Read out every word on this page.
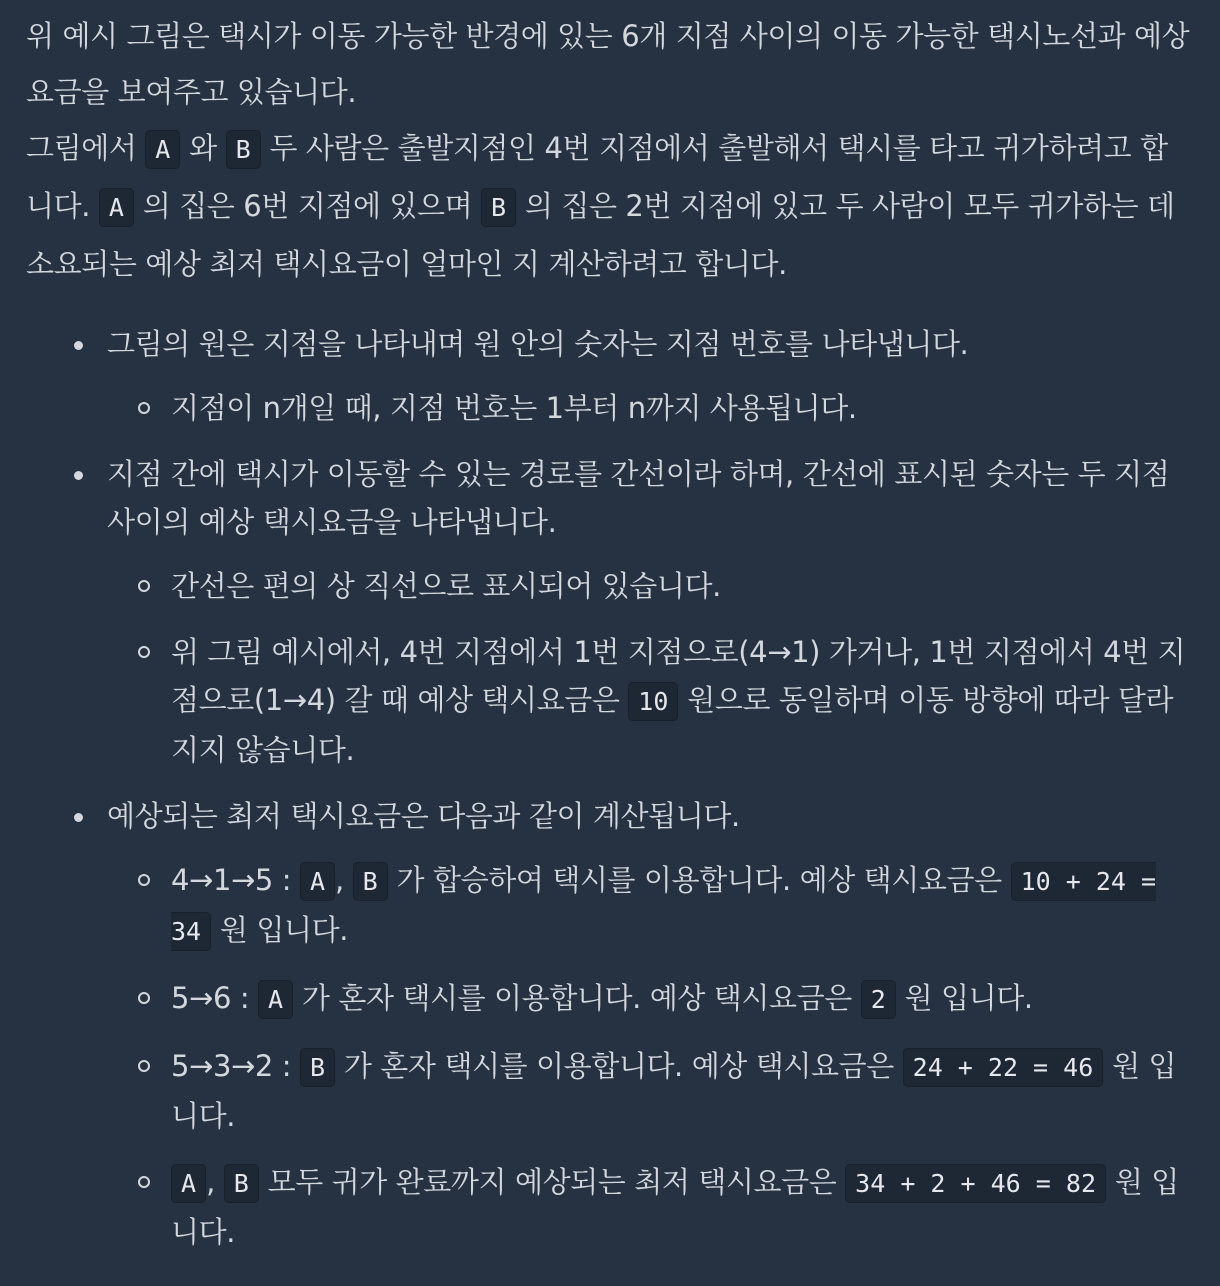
위 예시 그림은 택시가 이동 가능한 반경에 있는 6개 지점 사이의 이동 가능한 택시노선과 예상요금을 보여주고 있습니다.

그림에서 A 와 B 두 사람은 출발지점인 4번 지점에서 출발해서 택시를 타고 귀가하려고 합니다. A 의 집은 6번 지점에 있으며 B 의 집은 2번 지점에 있고 두 사람이 모두 귀가하는 데 소요되는 예상 최저 택시요금이 얼마인 지 계산하려고 합니다.

그림의 원은 지점을 나타내며 원 안의 숫자는 지점 번호를 나타냅니다.
지점이 n개일 때, 지점 번호는 1부터 n까지 사용됩니다.
지점 간에 택시가 이동할 수 있는 경로를 간선이라 하며, 간선에 표시된 숫자는 두 지점 사이의 예상 택시요금을 나타냅니다.
간선은 편의 상 직선으로 표시되어 있습니다.
위 그림 예시에서, 4번 지점에서 1번 지점으로(4→1) 가거나, 1번 지점에서 4번 지점으로(1→4) 갈 때 예상 택시요금은 10 원으로 동일하며 이동 방향에 따라 달라지지 않습니다.
예상되는 최저 택시요금은 다음과 같이 계산됩니다.
4→1→5 : A , B 가 합승하여 택시를 이용합니다. 예상 택시요금은 10 + 24 = 34 원 입니다.
5→6 : A 가 혼자 택시를 이용합니다. 예상 택시요금은 2 원 입니다.
5→3→2 : B 가 혼자 택시를 이용합니다. 예상 택시요금은 24 + 22 = 46 원 입니다.
A , B 모두 귀가 완료까지 예상되는 최저 택시요금은 34 + 2 + 46 = 82 원 입니다.
